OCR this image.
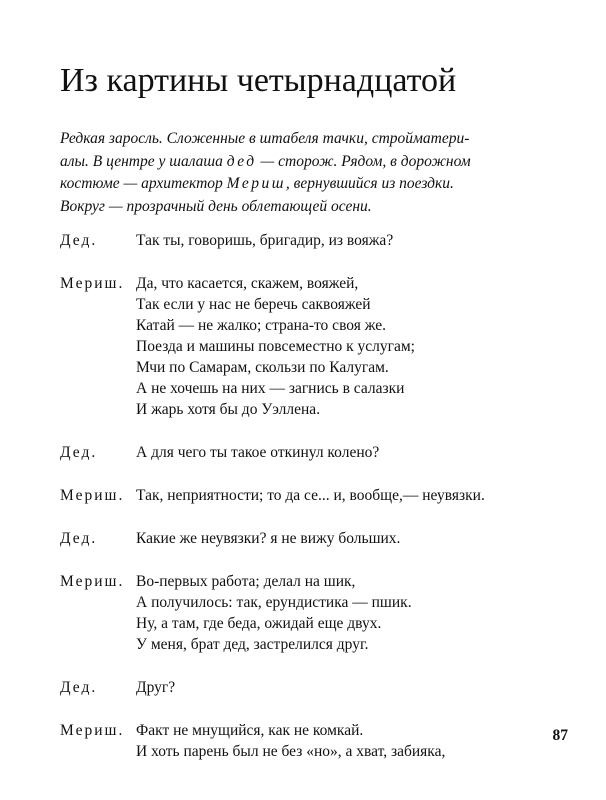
Из картины четырнадцатой
Редкая заросль. Сложенные в штабеля тачки, стройматери-
алы. В центре у шалаша дед — сторож. Рядом, в дорожном
костюме — архитектор Мериш, вернувшийся из поездки.
Вокруг — прозрачный день облетающей осени.
Дед.	Так ты, говоришь, бригадир, из вояжа?
Мериш. Да, что касается, скажем, вояжей,
Так если у нас не беречь саквояжей
Катай — не жалко; страна-то своя же.
Поезда и машины повсеместно к услугам;
Мчи по Самарам, скользи по Калугам.
А не хочешь на них — загнись в салазки
И жарь хотя бы до Уэллена.
Дед.	А для чего ты такое откинул колено?
Мериш. Так, неприятности; то да се... и, вообще,— неувязки.
Дед.	Какие же неувязки? я не вижу больших.
Мериш. Во-первых работа; делал на шик,
А получилось: так, ерундистика — пшик.
Ну, а там, где беда, ожидай еще двух.
У меня, брат дед, застрелился друг.
Дед.	Друг?
Мериш. Факт не мнущийся, как не комкай.
И хоть парень был не без «но», а хват, забияка,
87
